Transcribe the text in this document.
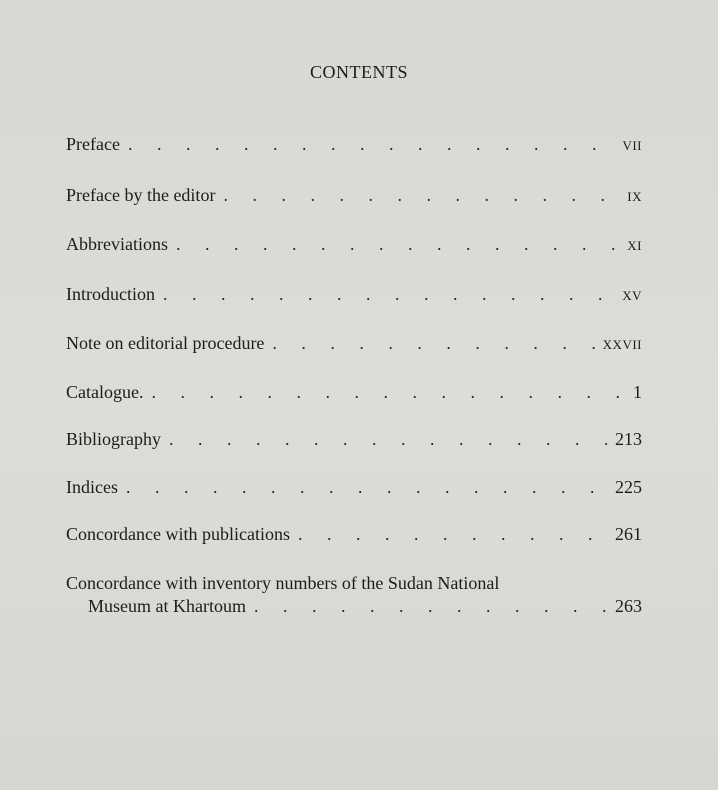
CONTENTS
Preface . . .	VII
Preface by the editor . . .	IX
Abbreviations . . .	XI
Introduction . . .	XV
Note on editorial procedure . . .	XXVII
Catalogue. . . .	1
Bibliography . . .	213
Indices . . .	225
Concordance with publications . . .	261
Concordance with inventory numbers of the Sudan National
Museum at Khartoum . . .	263
